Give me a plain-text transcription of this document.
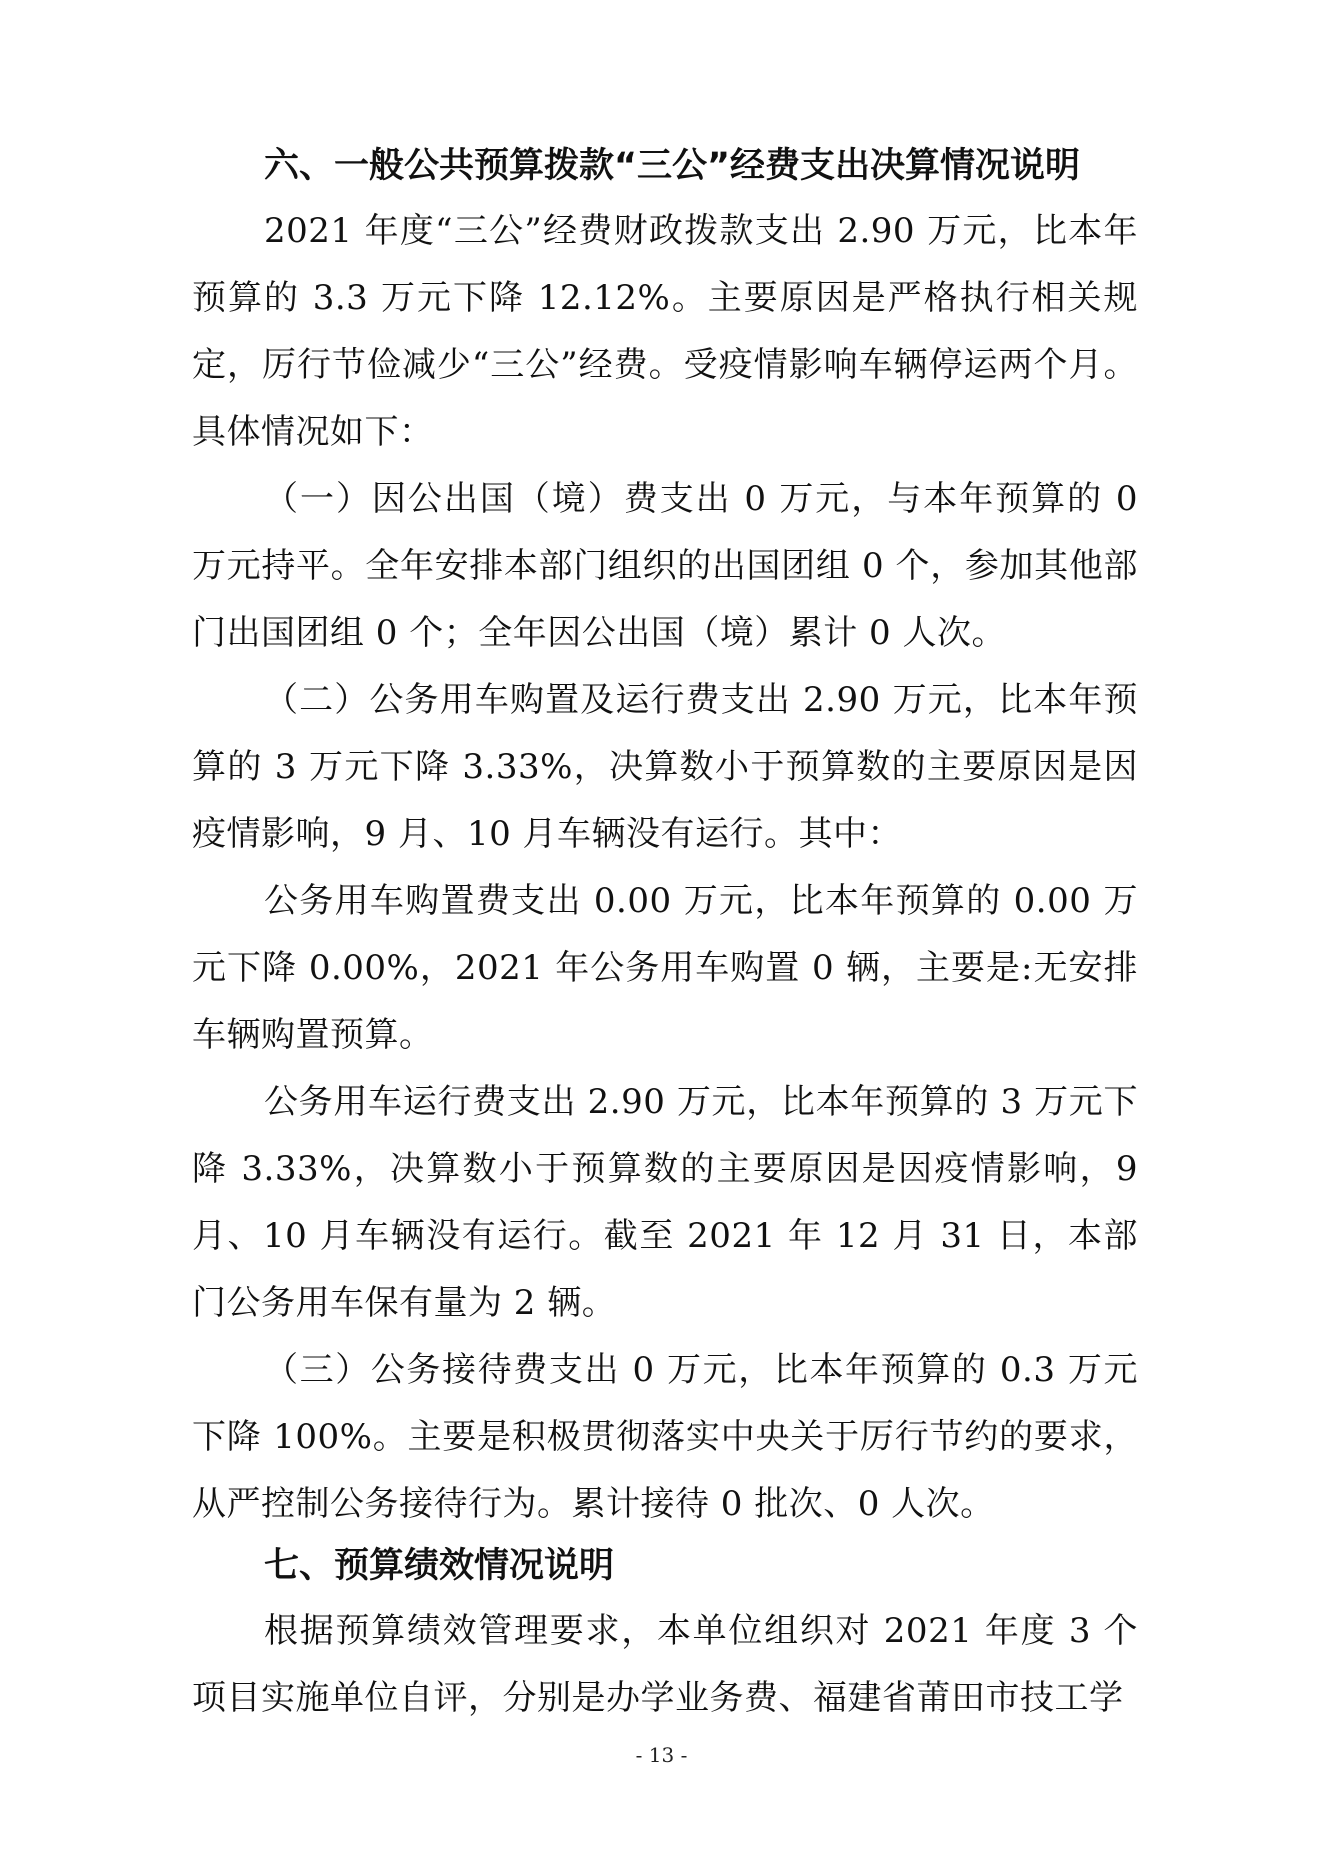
六、一般公共预算拨款“三公”经费支出决算情况说明

2021 年度“三公”经费财政拨款支出 2.90 万元，比本年预算的 3.3 万元下降 12.12%。主要原因是严格执行相关规定，厉行节俭减少“三公”经费。受疫情影响车辆停运两个月。具体情况如下：

（一）因公出国（境）费支出 0 万元，与本年预算的 0 万元持平。全年安排本部门组织的出国团组 0 个，参加其他部门出国团组 0 个；全年因公出国（境）累计 0 人次。

（二）公务用车购置及运行费支出 2.90 万元，比本年预算的 3 万元下降 3.33%，决算数小于预算数的主要原因是因疫情影响，9 月、10 月车辆没有运行。其中：

公务用车购置费支出 0.00 万元，比本年预算的 0.00 万元下降 0.00%，2021 年公务用车购置 0 辆，主要是:无安排车辆购置预算。

公务用车运行费支出 2.90 万元，比本年预算的 3 万元下降 3.33%，决算数小于预算数的主要原因是因疫情影响，9 月、10 月车辆没有运行。截至 2021 年 12 月 31 日，本部门公务用车保有量为 2 辆。

（三）公务接待费支出 0 万元，比本年预算的 0.3 万元下降 100%。主要是积极贯彻落实中央关于厉行节约的要求，从严控制公务接待行为。累计接待 0 批次、0 人次。

七、预算绩效情况说明

根据预算绩效管理要求，本单位组织对 2021 年度 3 个项目实施单位自评，分别是办学业务费、福建省莆田市技工学

- 13 -
